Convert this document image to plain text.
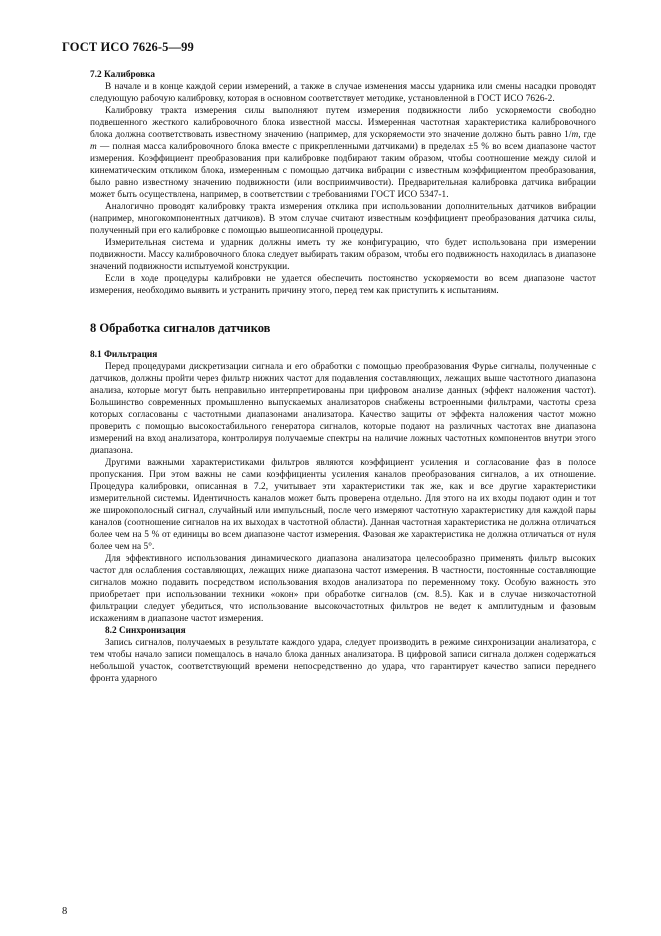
ГОСТ ИСО 7626-5—99
7.2 Калибровка

В начале и в конце каждой серии измерений, а также в случае изменения массы ударника или смены насадки проводят следующую рабочую калибровку, которая в основном соответствует методике, установленной в ГОСТ ИСО 7626-2.

Калибровку тракта измерения силы выполняют путем измерения подвижности либо ускоряемости свободно подвешенного жесткого калибровочного блока известной массы. Измеренная частотная характеристика калибровочного блока должна соответствовать известному значению (например, для ускоряемости это значение должно быть равно 1/m, где m — полная масса калибровочного блока вместе с прикрепленными датчиками) в пределах ±5 % во всем диапазоне частот измерения. Коэффициент преобразования при калибровке подбирают таким образом, чтобы соотношение между силой и кинематическим откликом блока, измеренным с помощью датчика вибрации с известным коэффициентом преобразования, было равно известному значению подвижности (или восприимчивости). Предварительная калибровка датчика вибрации может быть осуществлена, например, в соответствии с требованиями ГОСТ ИСО 5347-1.

Аналогично проводят калибровку тракта измерения отклика при использовании дополнительных датчиков вибрации (например, многокомпонентных датчиков). В этом случае считают известным коэффициент преобразования датчика силы, полученный при его калибровке с помощью вышеописанной процедуры.

Измерительная система и ударник должны иметь ту же конфигурацию, что будет использована при измерении подвижности. Массу калибровочного блока следует выбирать таким образом, чтобы его подвижность находилась в диапазоне значений подвижности испытуемой конструкции.

Если в ходе процедуры калибровки не удается обеспечить постоянство ускоряемости во всем диапазоне частот измерения, необходимо выявить и устранить причину этого, перед тем как приступить к испытаниям.

8 Обработка сигналов датчиков
8.1 Фильтрация

Перед процедурами дискретизации сигнала и его обработки с помощью преобразования Фурье сигналы, полученные с датчиков, должны пройти через фильтр нижних частот для подавления составляющих, лежащих выше частотного диапазона анализа, которые могут быть неправильно интерпретированы при цифровом анализе данных (эффект наложения частот). Большинство современных промышленно выпускаемых анализаторов снабжены встроенными фильтрами, частоты среза которых согласованы с частотными диапазонами анализатора. Качество защиты от эффекта наложения частот можно проверить с помощью высокостабильного генератора сигналов, которые подают на различных частотах вне диапазона измерений на вход анализатора, контролируя получаемые спектры на наличие ложных частотных компонентов внутри этого диапазона.

Другими важными характеристиками фильтров являются коэффициент усиления и согласование фаз в полосе пропускания. При этом важны не сами коэффициенты усиления каналов преобразования сигналов, а их отношение. Процедура калибровки, описанная в 7.2, учитывает эти характеристики так же, как и все другие характеристики измерительной системы. Идентичность каналов может быть проверена отдельно. Для этого на их входы подают один и тот же широкополосный сигнал, случайный или импульсный, после чего измеряют частотную характеристику для каждой пары каналов (соотношение сигналов на их выходах в частотной области). Данная частотная характеристика не должна отличаться более чем на 5 % от единицы во всем диапазоне частот измерения. Фазовая же характеристика не должна отличаться от нуля более чем на 5°.

Для эффективного использования динамического диапазона анализатора целесообразно применять фильтр высоких частот для ослабления составляющих, лежащих ниже диапазона частот измерения. В частности, постоянные составляющие сигналов можно подавить посредством использования входов анализатора по переменному току. Особую важность это приобретает при использовании техники «окон» при обработке сигналов (см. 8.5). Как и в случае низкочастотной фильтрации следует убедиться, что использование высокочастотных фильтров не ведет к амплитудным и фазовым искажениям в диапазоне частот измерения.

8.2 Синхронизация

Запись сигналов, получаемых в результате каждого удара, следует производить в режиме синхронизации анализатора, с тем чтобы начало записи помещалось в начало блока данных анализатора. В цифровой записи сигнала должен содержаться небольшой участок, соответствующий времени непосредственно до удара, что гарантирует качество записи переднего фронта ударного

8
